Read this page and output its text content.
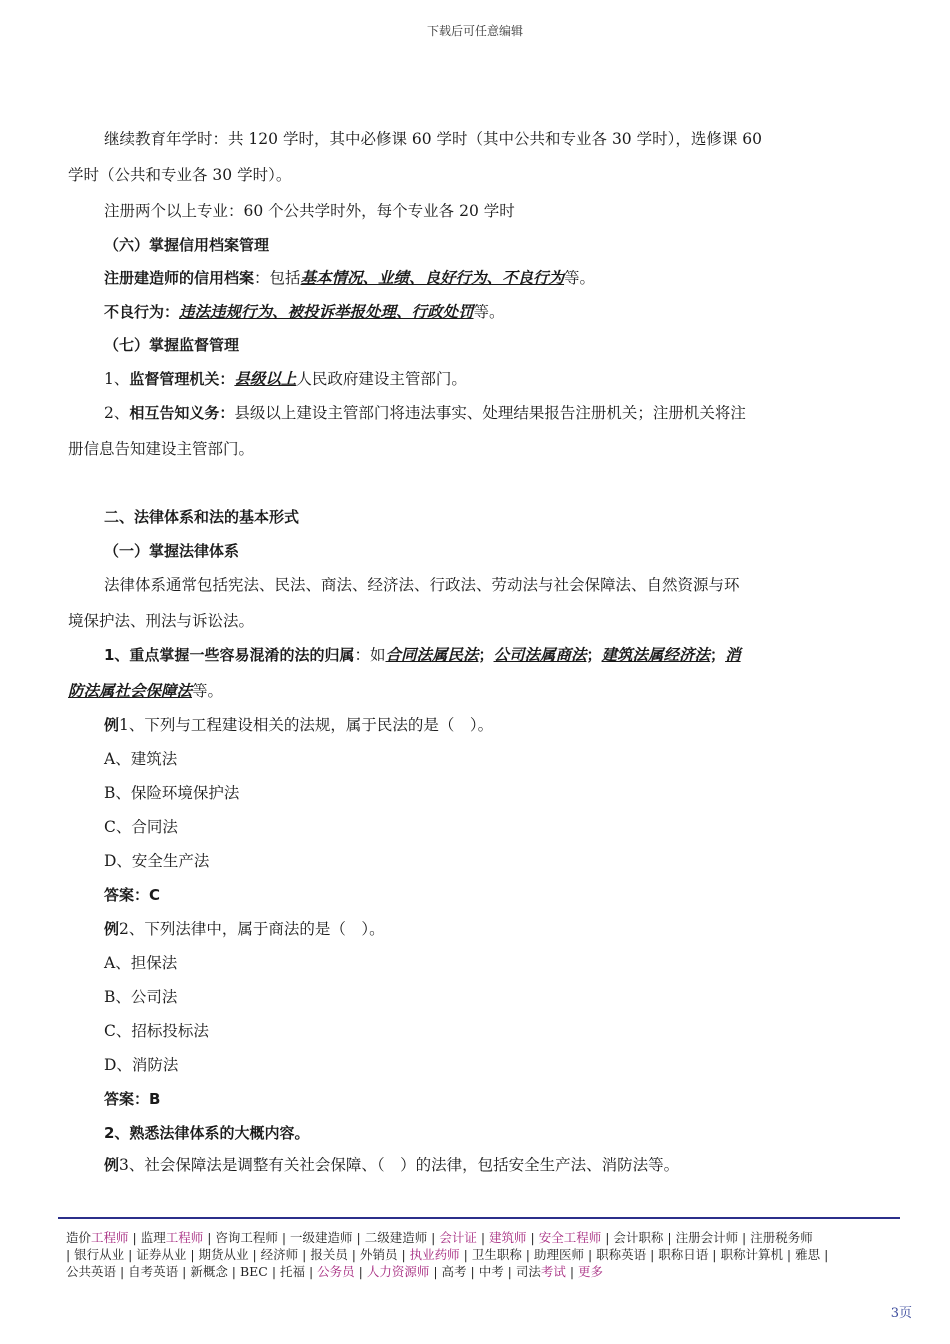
下载后可任意编辑
继续教育年学时：共 120 学时，其中必修课 60 学时（其中公共和专业各 30 学时），选修课 60
学时（公共和专业各 30 学时）。
注册两个以上专业：60 个公共学时外，每个专业各 20 学时
（六）掌握信用档案管理
注册建造师的信用档案：包括基本情况、业绩、良好行为、不良行为等。
不良行为：违法违规行为、被投诉举报处理、行政处罚等。
（七）掌握监督管理
1、监督管理机关：县级以上人民政府建设主管部门。
2、相互告知义务：县级以上建设主管部门将违法事实、处理结果报告注册机关；注册机关将注
册信息告知建设主管部门。
二、法律体系和法的基本形式
（一）掌握法律体系
法律体系通常包括宪法、民法、商法、经济法、行政法、劳动法与社会保障法、自然资源与环
境保护法、刑法与诉讼法。
1、重点掌握一些容易混淆的法的归属：如合同法属民法；公司法属商法；建筑法属经济法；消
防法属社会保障法等。
例1、下列与工程建设相关的法规，属于民法的是（　）。
A、建筑法
B、保险环境保护法
C、合同法
D、安全生产法
答案：C
例2、下列法律中，属于商法的是（　）。
A、担保法
B、公司法
C、招标投标法
D、消防法
答案：B
2、熟悉法律体系的大概内容。
例3、社会保障法是调整有关社会保障、（　）的法律，包括安全生产法、消防法等。
造价工程师 | 监理工程师 | 咨询工程师 | 一级建造师 | 二级建造师 | 会计证 | 建筑师 | 安全工程师 | 会计职称 | 注册会计师 | 注册税务师
| 银行从业 | 证券从业 | 期货从业 | 经济师 | 报关员 | 外销员 | 执业药师 | 卫生职称 | 助理医师 | 职称英语 | 职称日语 | 职称计算机 | 雅思 |
公共英语 | 自考英语 | 新概念 | BEC | 托福 | 公务员 | 人力资源师 | 高考 | 中考 | 司法考试 | 更多
3页
